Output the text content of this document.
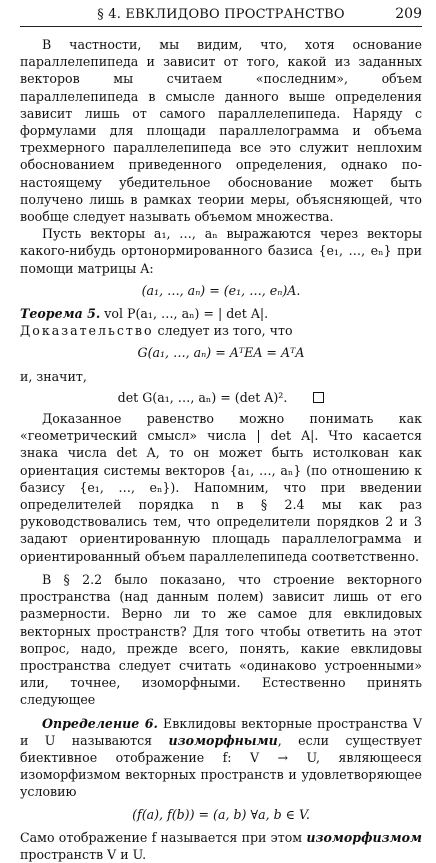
§ 4. ЕВКЛИДОВО ПРОСТРАНСТВО	209

В частности, мы видим, что, хотя основание параллелепипеда и зависит от того, какой из заданных векторов мы считаем «последним», объем параллелепипеда в смысле данного выше определения зависит лишь от самого параллелепипеда. Наряду с формулами для площади параллелограмма и объема трехмерного параллелепипеда все это служит неплохим обоснованием приведенного определения, однако по-настоящему убедительное обоснование может быть получено лишь в рамках теории меры, объясняющей, что вообще следует называть объемом множества.

Пусть векторы a₁, …, aₙ выражаются через векторы какого-нибудь ортонормированного базиса {e₁, …, eₙ} при помощи матрицы A:

(a₁, …, aₙ) = (e₁, …, eₙ)A.

Теорема 5. vol P(a₁, …, aₙ) = | det A|.

Доказательство следует из того, что

G(a₁, …, aₙ) = AᵀEA = AᵀA

и, значит,

det G(a₁, …, aₙ) = (det A)².

Доказанное равенство можно понимать как «геометрический смысл» числа | det A|. Что касается знака числа det A, то он может быть истолкован как ориентация системы векторов {a₁, …, aₙ} (по отношению к базису {e₁, …, eₙ}). Напомним, что при введении определителей порядка n в § 2.4 мы как раз руководствовались тем, что определители порядков 2 и 3 задают ориентированную площадь параллелограмма и ориентированный объем параллелепипеда соответственно.

В § 2.2 было показано, что строение векторного пространства (над данным полем) зависит лишь от его размерности. Верно ли то же самое для евклидовых векторных пространств? Для того чтобы ответить на этот вопрос, надо, прежде всего, понять, какие евклидовы пространства следует считать «одинаково устроенными» или, точнее, изоморфными. Естественно принять следующее

Определение 6. Евклидовы векторные пространства V и U называются изоморфными, если существует биективное отображение f: V → U, являющееся изоморфизмом векторных пространств и удовлетворяющее условию

(f(a), f(b)) = (a, b) ∀a, b ∈ V.

Само отображение f называется при этом изоморфизмом пространств V и U.
